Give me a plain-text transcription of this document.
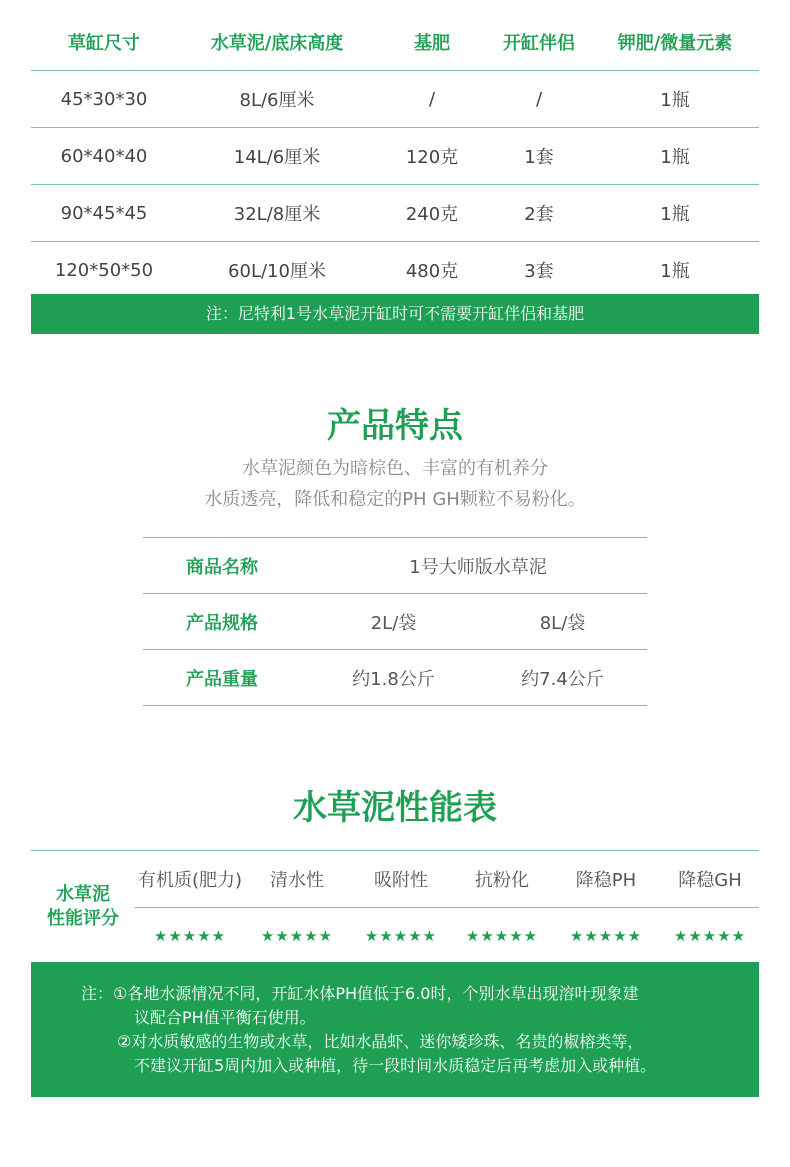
草缸尺寸	水草泥/底床高度	基肥	开缸伴侣	钾肥/微量元素
45*30*30	8L/6厘米	/	/	1瓶
60*40*40	14L/6厘米	120克	1套	1瓶
90*45*45	32L/8厘米	240克	2套	1瓶
120*50*50	60L/10厘米	480克	3套	1瓶
注：尼特利1号水草泥开缸时可不需要开缸伴侣和基肥
产品特点
水草泥颜色为暗棕色、丰富的有机养分
水质透亮，降低和稳定的PH GH颗粒不易粉化。
商品名称	1号大师版水草泥
产品规格	2L/袋	8L/袋
产品重量	约1.8公斤	约7.4公斤
水草泥性能表
水草泥
性能评分
有机质(肥力)	清水性	吸附性	抗粉化	降稳PH	降稳GH
★★★★★	★★★★★	★★★★★	★★★★★	★★★★★	★★★★★
注：①各地水源情况不同，开缸水体PH值低于6.0时，个别水草出现溶叶现象建
议配合PH值平衡石使用。
②对水质敏感的生物或水草，比如水晶虾、迷你矮珍珠、名贵的椒榕类等，
不建议开缸5周内加入或种植，待一段时间水质稳定后再考虑加入或种植。
